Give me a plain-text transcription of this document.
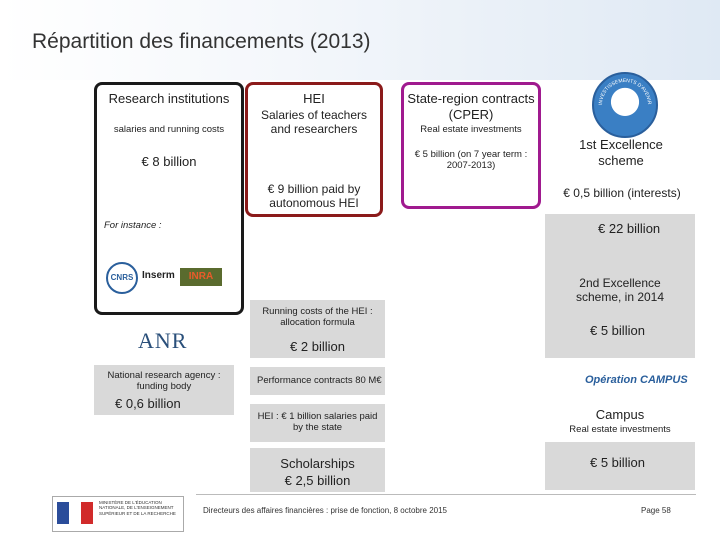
Répartition des financements (2013)
Research institutions
salaries and running costs
€ 8 billion
HEI
Salaries of teachers and researchers
€ 9 billion paid by autonomous HEI
State-region contracts (CPER)
Real estate investments
€ 5 billion (on 7 year term : 2007-2013)
INVESTISSEMENTS D'AVENIR
1st Excellence scheme
€ 0,5 billion (interests)
€ 22 billion
For instance :
CNRS Inserm	INRA	2nd Excellence scheme, in 2014
€ 5 billion
Running costs of the HEI : allocation formula
€ 2 billion
ANR
National research agency : funding body
€ 0,6 billion
Performance contracts 80 M€	Opération CAMPUS
HEI : € 1 billion salaries paid by the state
Campus
Real estate investments
€ 5 billion
Scholarships
€ 2,5 billion
MINISTÈRE DE L'ÉDUCATION NATIONALE, DE L'ENSEIGNEMENT SUPÉRIEUR ET DE LA RECHERCHE	Directeurs des affaires financières : prise de fonction, 8 octobre 2015	Page 58
